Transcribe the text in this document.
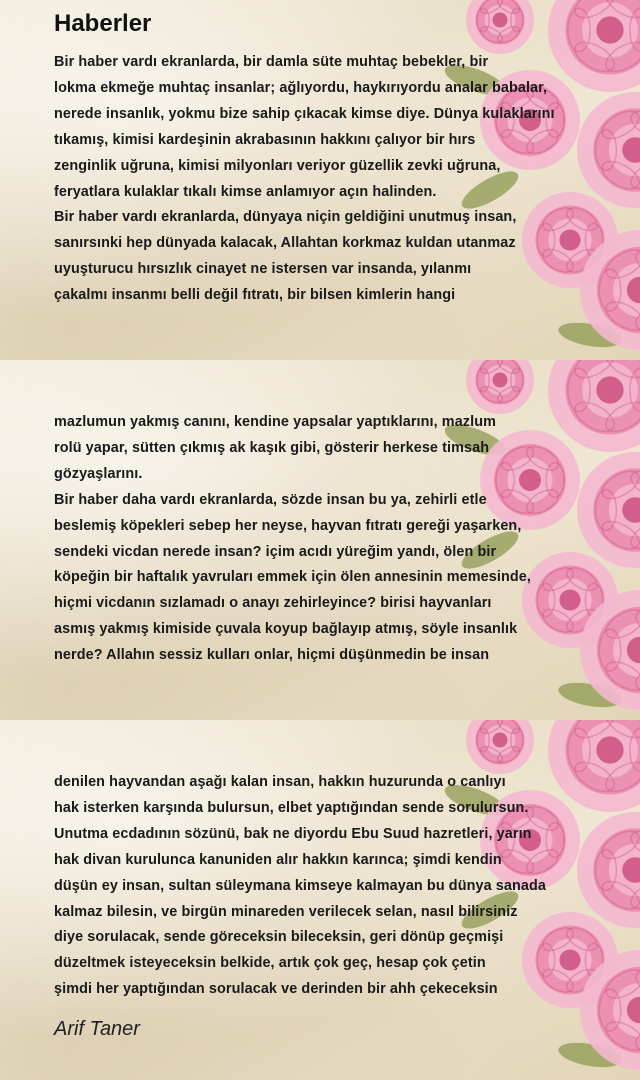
Haberler
Bir haber vardı ekranlarda, bir damla süte muhtaç bebekler, bir
lokma ekmeğe muhtaç insanlar; ağlıyordu, haykırıyordu analar babalar,
nerede insanlık, yokmu bize sahip çıkacak kimse diye. Dünya kulaklarını
tıkamış, kimisi kardeşinin akrabasının hakkını çalıyor bir hırs
zenginlik uğruna, kimisi milyonları veriyor güzellik zevki uğruna,
feryatlara kulaklar tıkalı kimse anlamıyor açın halinden.
Bir haber vardı ekranlarda, dünyaya niçin geldiğini unutmuş insan,
sanırsınki hep dünyada kalacak, Allahtan korkmaz kuldan utanmaz
uyuşturucu hırsızlık cinayet ne istersen var insanda, yılanmı
çakalmı insanmı belli değil fıtratı, bir bilsen kimlerin hangi
mazlumun yakmış canını, kendine yapsalar yaptıklarını, mazlum
rolü yapar, sütten çıkmış ak kaşık gibi, gösterir herkese timsah
gözyaşlarını.
Bir haber daha vardı ekranlarda, sözde insan bu ya, zehirli etle
beslemiş köpekleri sebep her neyse, hayvan fıtratı gereği yaşarken,
sendeki vicdan nerede insan? içim acıdı yüreğim yandı, ölen bir
köpeğin bir haftalık yavruları emmek için ölen annesinin memesinde,
hiçmi vicdanın sızlamadı o anayı zehirleyince? birisi hayvanları
asmış yakmış kimiside çuvala koyup bağlayıp atmış, söyle insanlık
nerde? Allahın sessiz kulları onlar, hiçmi düşünmedin be insan
denilen hayvandan aşağı kalan insan, hakkın huzurunda o canlıyı
hak isterken karşında bulursun, elbet yaptığından sende sorulursun.
Unutma ecdadının sözünü, bak ne diyordu Ebu Suud hazretleri, yarın
hak divan kurulunca kanuniden alır hakkın karıncа; şimdi kendin
düşün ey insan, sultan süleymana kimseye kalmayan bu dünya sanada
kalmaz bilesin, ve birgün minareden verilecek selan, nasıl bilirsiniz
diye sorulacak, sende göreceksin bileceksin, geri dönüp geçmişi
düzeltmek isteyeceksin belkide, artık çok geç, hesap çok çetin
şimdi her yaptığından sorulacak ve derinden bir ahh çekeceksin
Arif Taner
